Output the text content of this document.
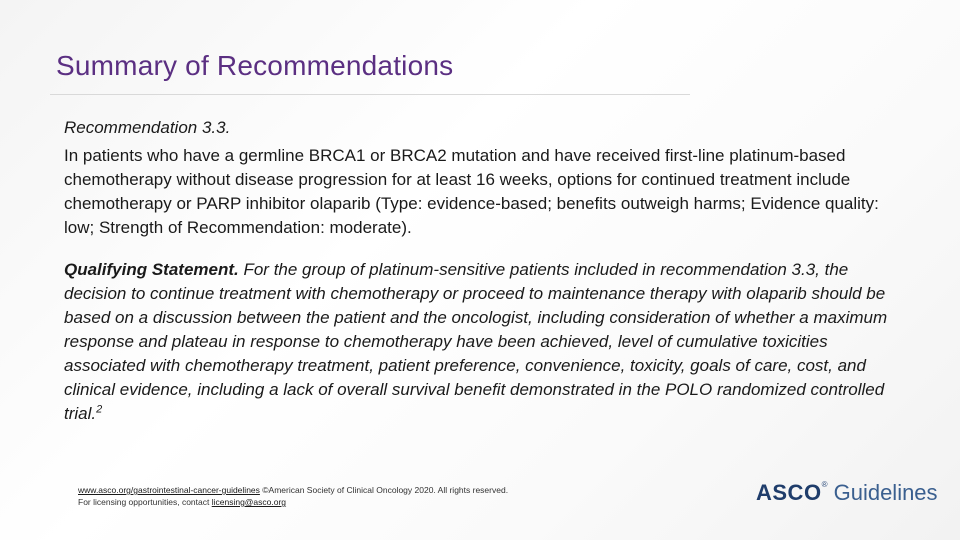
Summary of Recommendations

Recommendation 3.3.

In patients who have a germline BRCA1 or BRCA2 mutation and have received first-line platinum-based chemotherapy without disease progression for at least 16 weeks, options for continued treatment include chemotherapy or PARP inhibitor olaparib (Type: evidence-based; benefits outweigh harms; Evidence quality: low; Strength of Recommendation: moderate).

Qualifying Statement. For the group of platinum-sensitive patients included in recommendation 3.3, the decision to continue treatment with chemotherapy or proceed to maintenance therapy with olaparib should be based on a discussion between the patient and the oncologist, including consideration of whether a maximum response and plateau in response to chemotherapy have been achieved, level of cumulative toxicities associated with chemotherapy treatment, patient preference, convenience, toxicity, goals of care, cost, and clinical evidence, including a lack of overall survival benefit demonstrated in the POLO randomized controlled trial.$^2$

www.asco.org/gastrointestinal-cancer-guidelines ©American Society of Clinical Oncology 2020. All rights reserved.
For licensing opportunities, contact licensing@asco.org	ASCO® Guidelines
